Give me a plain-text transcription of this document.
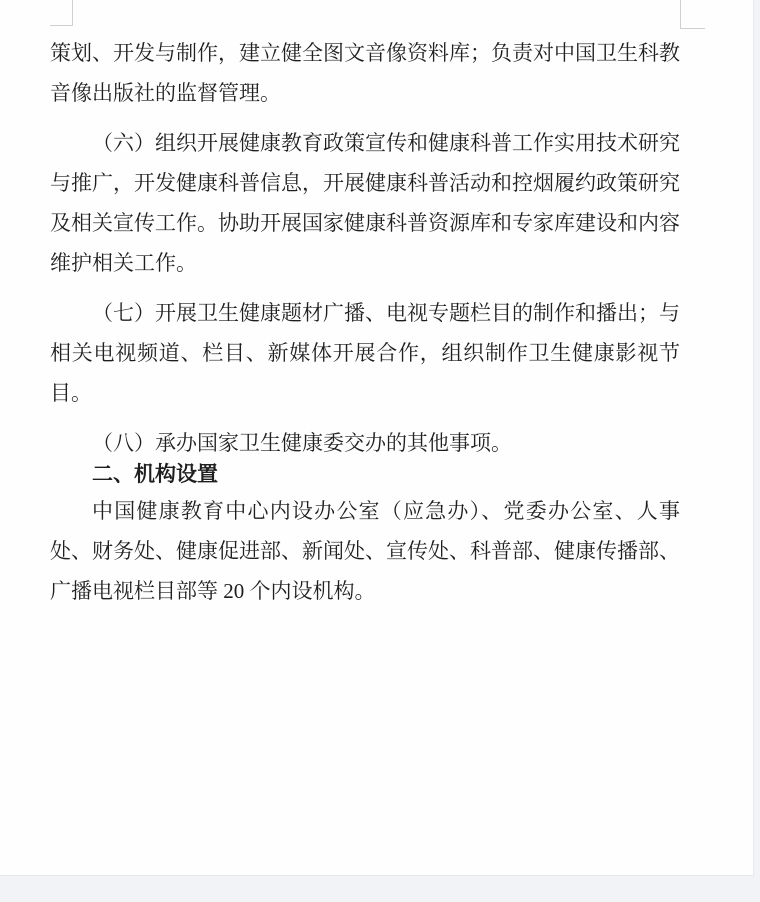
策划、开发与制作，建立健全图文音像资料库；负责对中国卫生科教音像出版社的监督管理。

（六）组织开展健康教育政策宣传和健康科普工作实用技术研究与推广，开发健康科普信息，开展健康科普活动和控烟履约政策研究及相关宣传工作。协助开展国家健康科普资源库和专家库建设和内容维护相关工作。

（七）开展卫生健康题材广播、电视专题栏目的制作和播出；与相关电视频道、栏目、新媒体开展合作，组织制作卫生健康影视节目。

（八）承办国家卫生健康委交办的其他事项。

二、机构设置

中国健康教育中心内设办公室（应急办）、党委办公室、人事处、财务处、健康促进部、新闻处、宣传处、科普部、健康传播部、广播电视栏目部等 20 个内设机构。
